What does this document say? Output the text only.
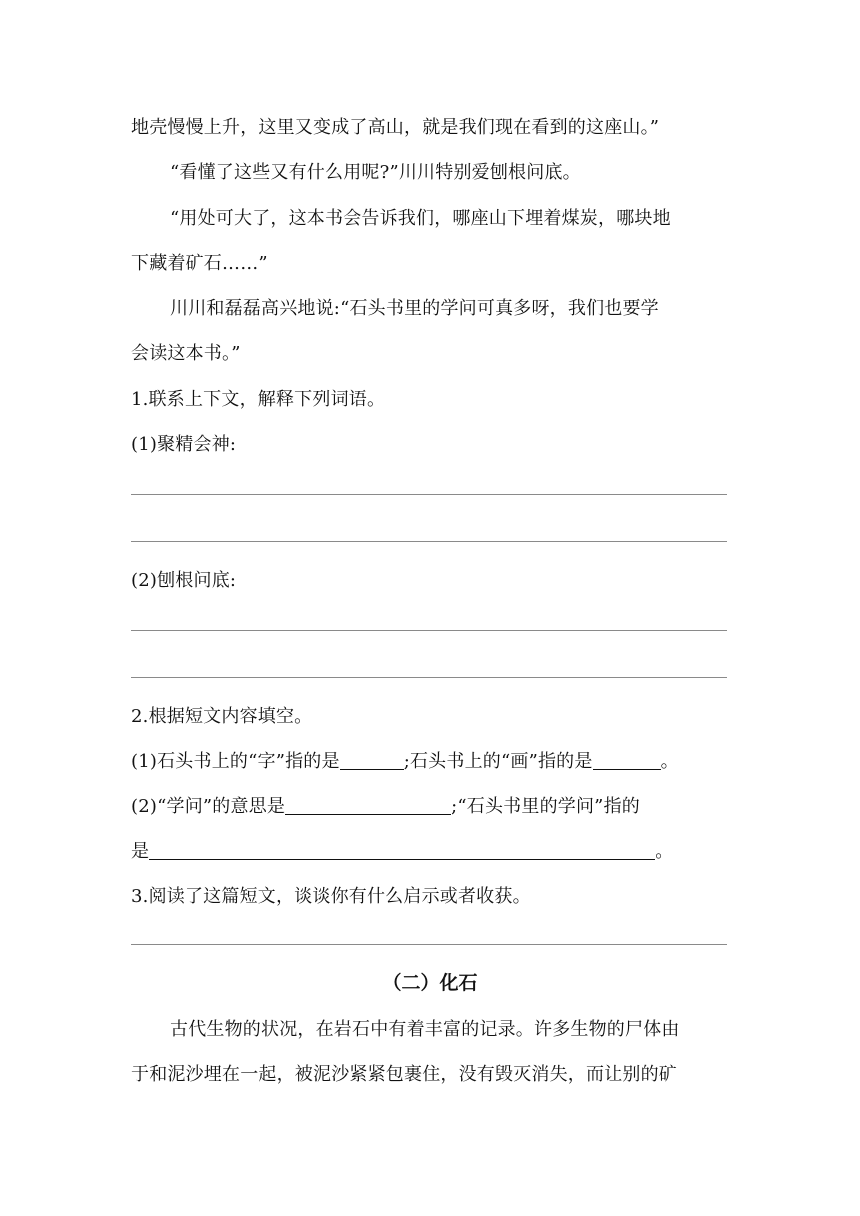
地壳慢慢上升，这里又变成了高山，就是我们现在看到的这座山。”
“看懂了这些又有什么用呢?”川川特别爱刨根问底。
“用处可大了，这本书会告诉我们，哪座山下埋着煤炭，哪块地
下藏着矿石……”
川川和磊磊高兴地说:“石头书里的学问可真多呀，我们也要学
会读这本书。”
1.联系上下文，解释下列词语。
(1)聚精会神:
(2)刨根问底:
2.根据短文内容填空。
(1)石头书上的“字”指的是	;石头书上的“画”指的是	。
(2)“学问”的意思是	;“石头书里的学问”指的
是	。
3.阅读了这篇短文，谈谈你有什么启示或者收获。
（二）化石
古代生物的状况，在岩石中有着丰富的记录。许多生物的尸体由
于和泥沙埋在一起，被泥沙紧紧包裹住，没有毁灭消失，而让别的矿
